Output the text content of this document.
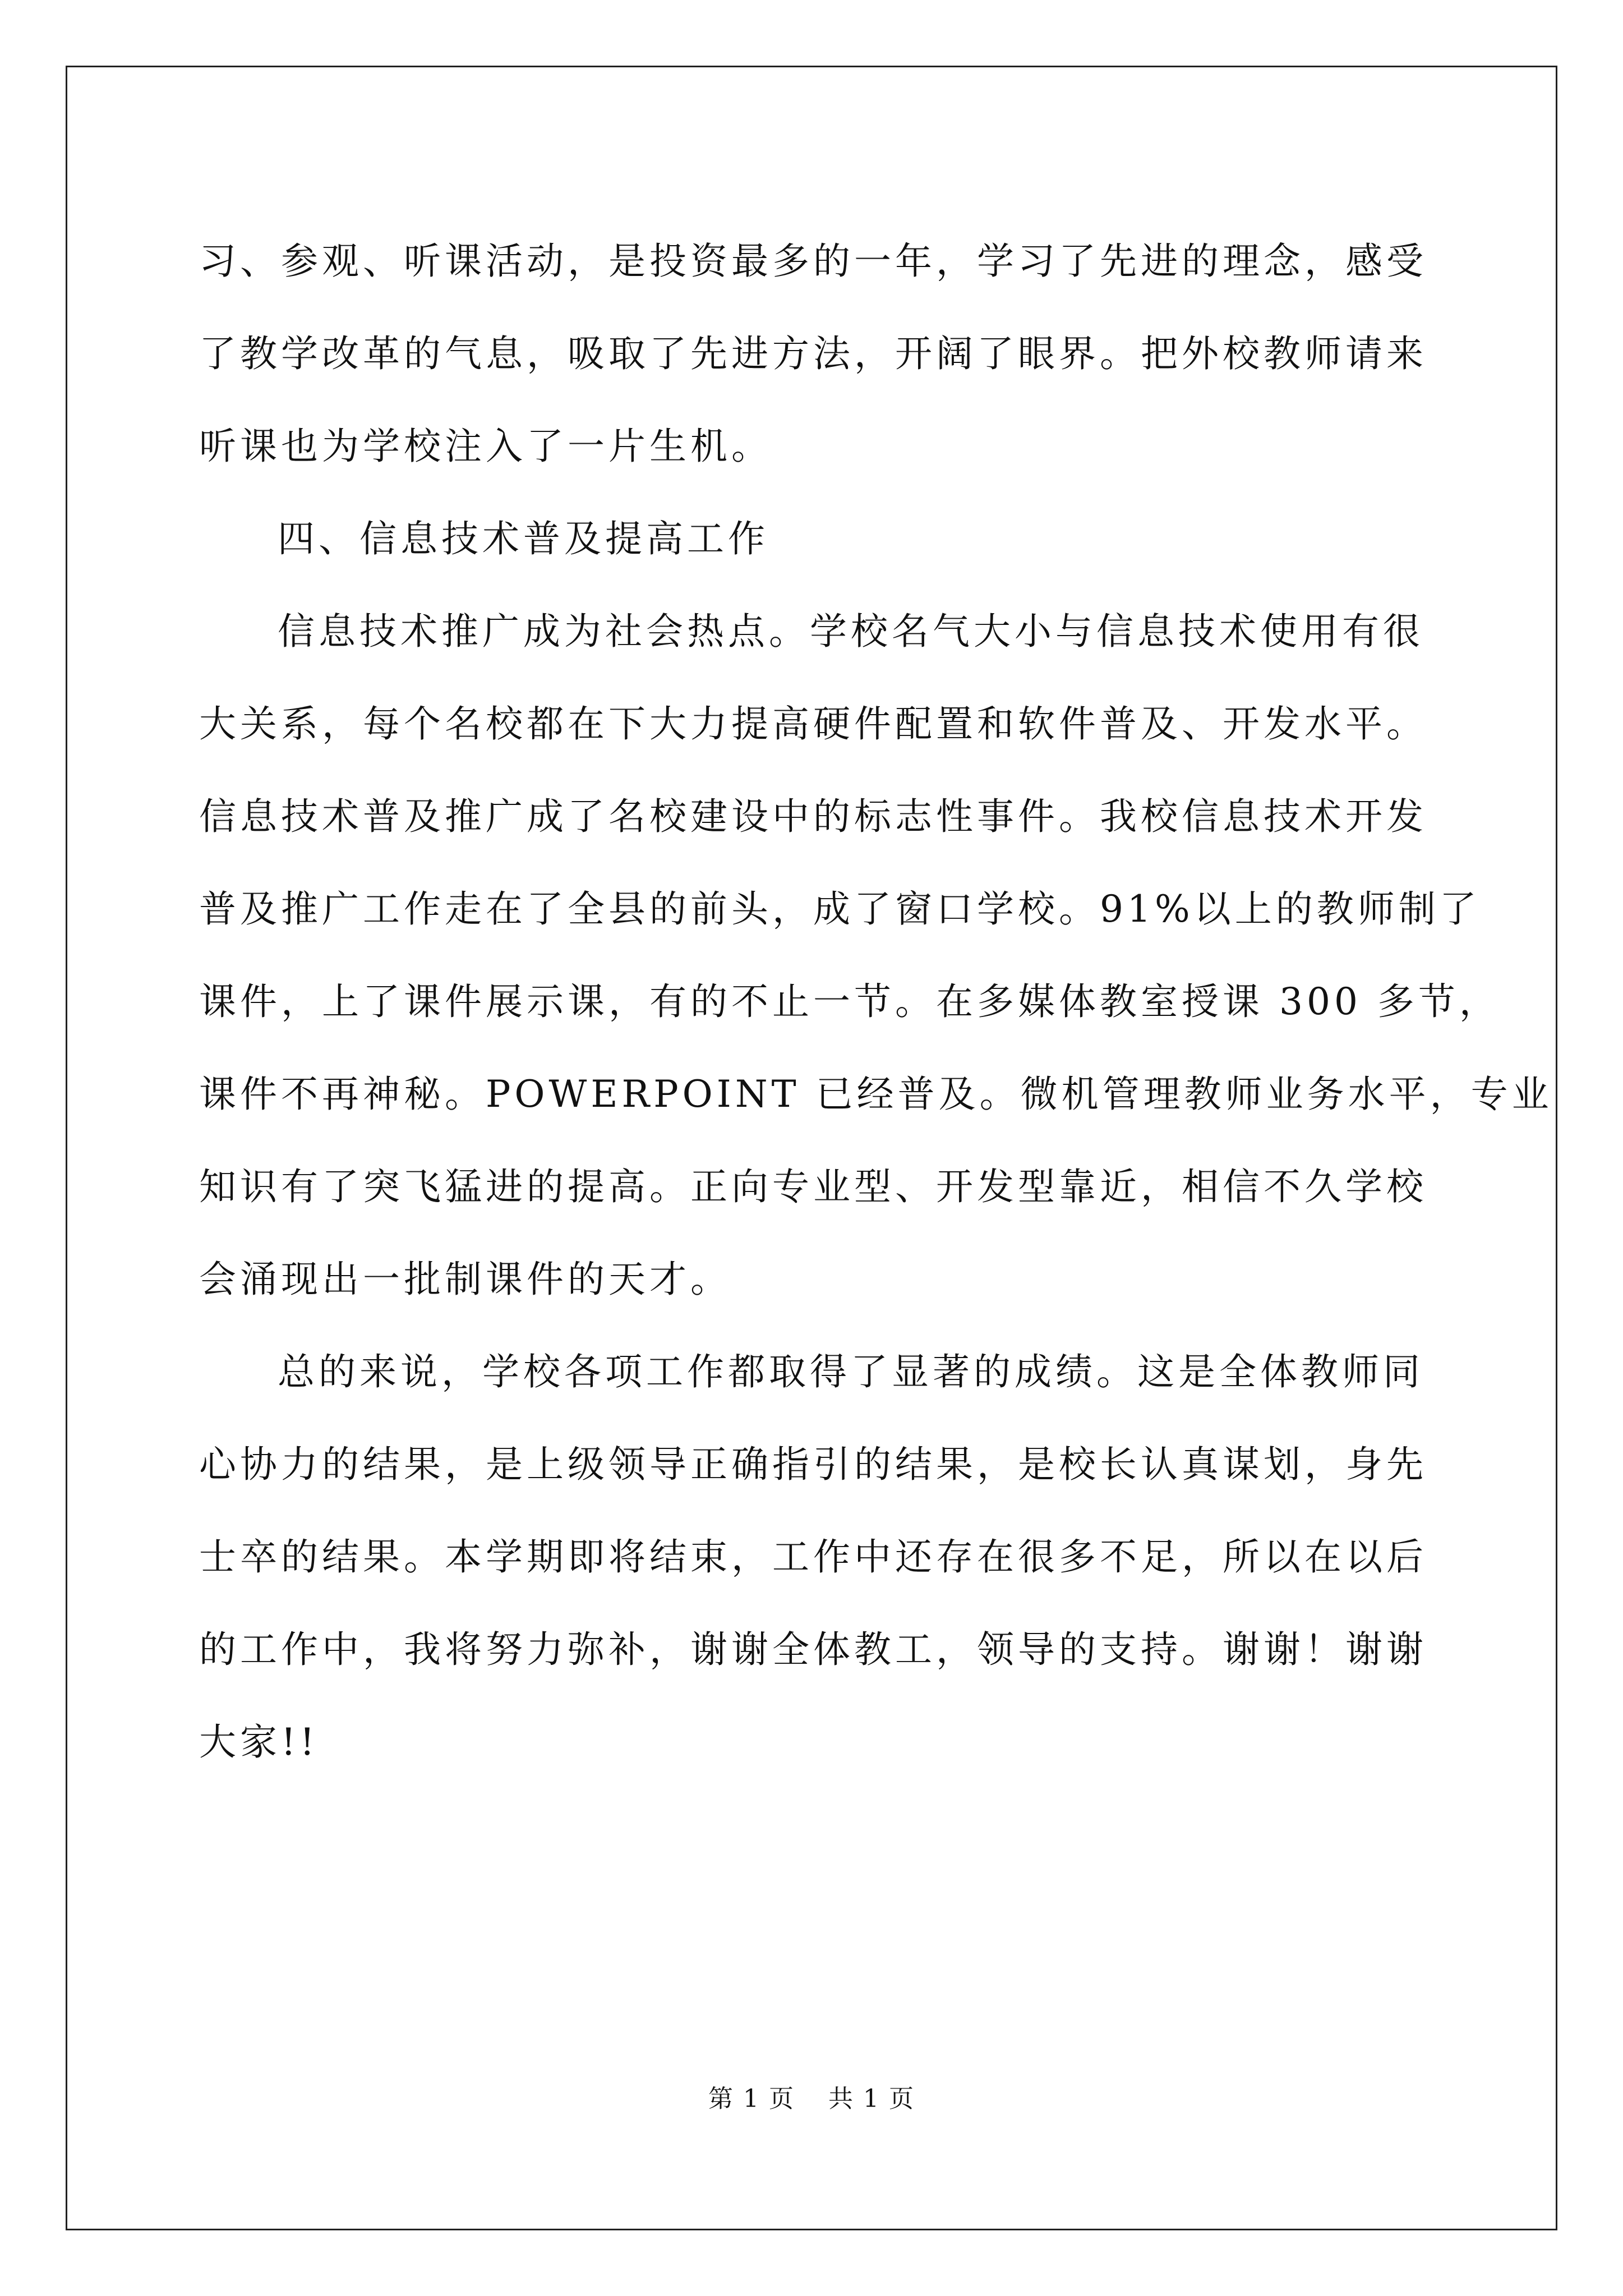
习、参观、听课活动，是投资最多的一年，学习了先进的理念，感受
了教学改革的气息，吸取了先进方法，开阔了眼界。把外校教师请来
听课也为学校注入了一片生机。
四、信息技术普及提高工作
信息技术推广成为社会热点。学校名气大小与信息技术使用有很
大关系，每个名校都在下大力提高硬件配置和软件普及、开发水平。
信息技术普及推广成了名校建设中的标志性事件。我校信息技术开发
普及推广工作走在了全县的前头，成了窗口学校。91%以上的教师制了
课件，上了课件展示课，有的不止一节。在多媒体教室授课 300 多节，
课件不再神秘。POWERPOINT 已经普及。微机管理教师业务水平，专业
知识有了突飞猛进的提高。正向专业型、开发型靠近，相信不久学校
会涌现出一批制课件的天才。
总的来说，学校各项工作都取得了显著的成绩。这是全体教师同
心协力的结果，是上级领导正确指引的结果，是校长认真谋划，身先
士卒的结果。本学期即将结束，工作中还存在很多不足，所以在以后
的工作中，我将努力弥补，谢谢全体教工，领导的支持。谢谢！谢谢
大家!!
第 1 页 共 1 页
